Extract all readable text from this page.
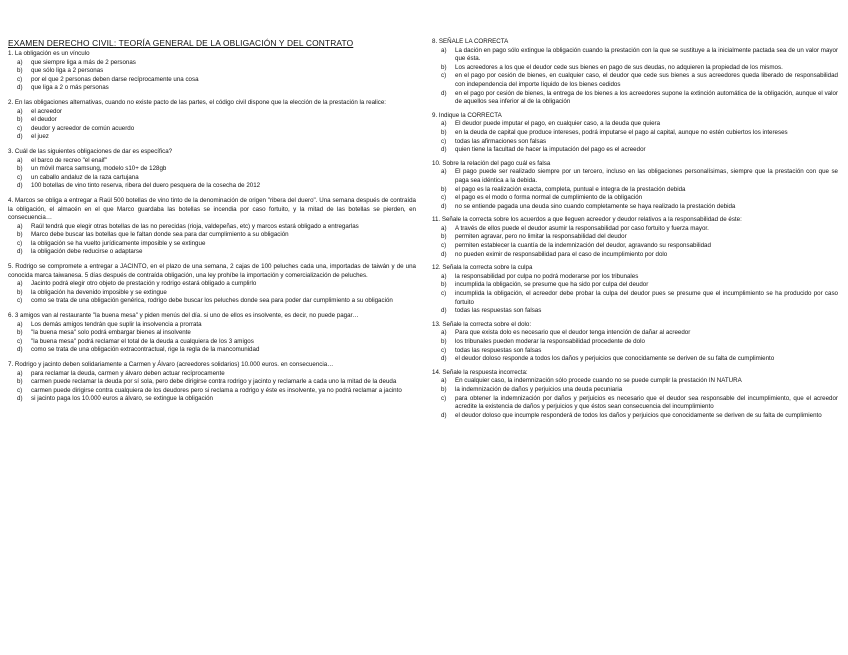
EXAMEN DERECHO CIVIL: TEORÍA GENERAL DE LA OBLIGACIÓN Y DEL CONTRATO

1. La obligación es un vínculo

a)	que siempre liga a más de 2 personas
b)	que sólo liga a 2 personas
c)	por el que 2 personas deben darse recíprocamente una cosa
d)	que liga a 2 o más personas

2. En las obligaciones alternativas, cuando no existe pacto de las partes, el código civil dispone que la elección de la prestación la realice:

a)	el acreedor
b)	el deudor
c)	deudor y acreedor de común acuerdo
d)	el juez

3. Cuál de las siguientes obligaciones de dar es específica?

a)	el barco de recreo "el enaif"
b)	un móvil marca samsung, modelo s10+ de 128gb
c)	un caballo andaluz de la raza cartujana
d)	100 botellas de vino tinto reserva, ribera del duero pesquera de la cosecha de 2012

4. Marcos se obliga a entregar a Raúl 500 botellas de vino tinto de la denominación de origen "ribera del duero". Una semana después de contraída la obligación, el almacén en el que Marco guardaba las botellas se incendia por caso fortuito, y la mitad de las botellas se pierden, en consecuencia…

a)	Raúl tendrá que elegir otras botellas de las no perecidas (rioja, valdepeñas, etc) y marcos estará obligado a entregarlas
b)	Marco debe buscar las botellas que le faltan donde sea para dar cumplimiento a su obligación
c)	la obligación se ha vuelto jurídicamente imposible y se extingue
d)	la obligación debe reducirse o adaptarse

5. Rodrigo se compromete a entregar a JACINTO, en el plazo de una semana, 2 cajas de 100 peluches cada una, importadas de taiwán y de una conocida marca taiwanesa. 5 días después de contraída obligación, una ley prohíbe la importación y comercialización de peluches.

a)	Jacinto podrá elegir otro objeto de prestación y rodrigo estará obligado a cumplirlo
b)	la obligación ha devenido imposible y se extingue
c)	como se trata de una obligación genérica, rodrigo debe buscar los peluches donde sea para poder dar cumplimiento a su obligación

6. 3 amigos van al restaurante "la buena mesa" y piden menús del día. si uno de ellos es insolvente, es decir, no puede pagar…

a)	Los demás amigos tendrán que suplir la insolvencia a prorrata
b)	"la buena mesa" solo podrá embargar bienes al insolvente
c)	"la buena mesa" podrá reclamar el total de la deuda a cualquiera de los 3 amigos
d)	como se trata de una obligación extracontractual, rige la regla de la mancomunidad

7. Rodrigo y jacinto deben solidariamente a Carmen y Álvaro (acreedores solidarios) 10.000 euros. en consecuencia…

a)	para reclamar la deuda, carmen y álvaro deben actuar recíprocamente
b)	carmen puede reclamar la deuda por sí sola, pero debe dirigirse contra rodrigo y jacinto y reclamarle a cada uno la mitad de la deuda
c)	carmen puede dirigirse contra cualquiera de los deudores pero si reclama a rodrigo y éste es insolvente, ya no podrá reclamar a jacinto
d)	si jacinto paga los 10.000 euros a álvaro, se extingue la obligación

8. SEÑALE LA CORRECTA

a)	La dación en pago sólo extingue la obligación cuando la prestación con la que se sustituye a la inicialmente pactada sea de un valor mayor que ésta.
b)	Los acreedores a los que el deudor cede sus bienes en pago de sus deudas, no adquieren la propiedad de los mismos.
c)	en el pago por cesión de bienes, en cualquier caso, el deudor que cede sus bienes a sus acreedores queda liberado de responsabilidad con independencia del importe líquido de los bienes cedidos
d)	en el pago por cesión de bienes, la entrega de los bienes a los acreedores supone la extinción automática de la obligación, aunque el valor de aquellos sea inferior al de la obligación

9. Indique la CORRECTA

a)	El deudor puede imputar el pago, en cualquier caso, a la deuda que quiera
b)	en la deuda de capital que produce intereses, podrá imputarse el pago al capital, aunque no estén cubiertos los intereses
c)	todas las afirmaciones son falsas
d)	quien tiene la facultad de hacer la imputación del pago es el acreedor

10. Sobre la relación del pago cuál es falsa

a)	El pago puede ser realizado siempre por un tercero, incluso en las obligaciones personalísimas, siempre que la prestación con que se paga sea idéntica a la debida.
b)	el pago es la realización exacta, completa, puntual e íntegra de la prestación debida
c)	el pago es el modo o forma normal de cumplimiento de la obligación
d)	no se entiende pagada una deuda sino cuando completamente se haya realizado la prestación debida

11. Señale la correcta sobre los acuerdos a que lleguen acreedor y deudor relativos a la responsabilidad de éste:

a)	A través de ellos puede el deudor asumir la responsabilidad por caso fortuito y fuerza mayor.
b)	permiten agravar, pero no limitar la responsabilidad del deudor
c)	permiten establecer la cuantía de la indemnización del deudor, agravando su responsabilidad
d)	no pueden eximir de responsabilidad para el caso de incumplimiento por dolo

12. Señala la correcta sobre la culpa

a)	la responsabilidad por culpa no podrá moderarse por los tribunales
b)	incumplida la obligación, se presume que ha sido por culpa del deudor
c)	incumplida la obligación, el acreedor debe probar la culpa del deudor pues se presume que el incumplimiento se ha producido por caso fortuito
d)	todas las respuestas son falsas

13. Señale la correcta sobre el dolo:

a)	Para que exista dolo es necesario que el deudor tenga intención de dañar al acreedor
b)	los tribunales pueden moderar la responsabilidad procedente de dolo
c)	todas las respuestas son falsas
d)	el deudor doloso responde a todos los daños y perjuicios que conocidamente se deriven de su falta de cumplimiento

14. Señale la respuesta incorrecta:

a)	En cualquier caso, la indemnización sólo procede cuando no se puede cumplir la prestación IN NATURA
b)	la indemnización de daños y perjuicios una deuda pecuniaria
c)	para obtener la indemnización por daños y perjuicios es necesario que el deudor sea responsable del incumplimiento, que el acreedor acredite la existencia de daños y perjuicios y que éstos sean consecuencia del incumplimiento
d)	el deudor doloso que incumple responderá de todos los daños y perjuicios que conocidamente se deriven de su falta de cumplimiento
